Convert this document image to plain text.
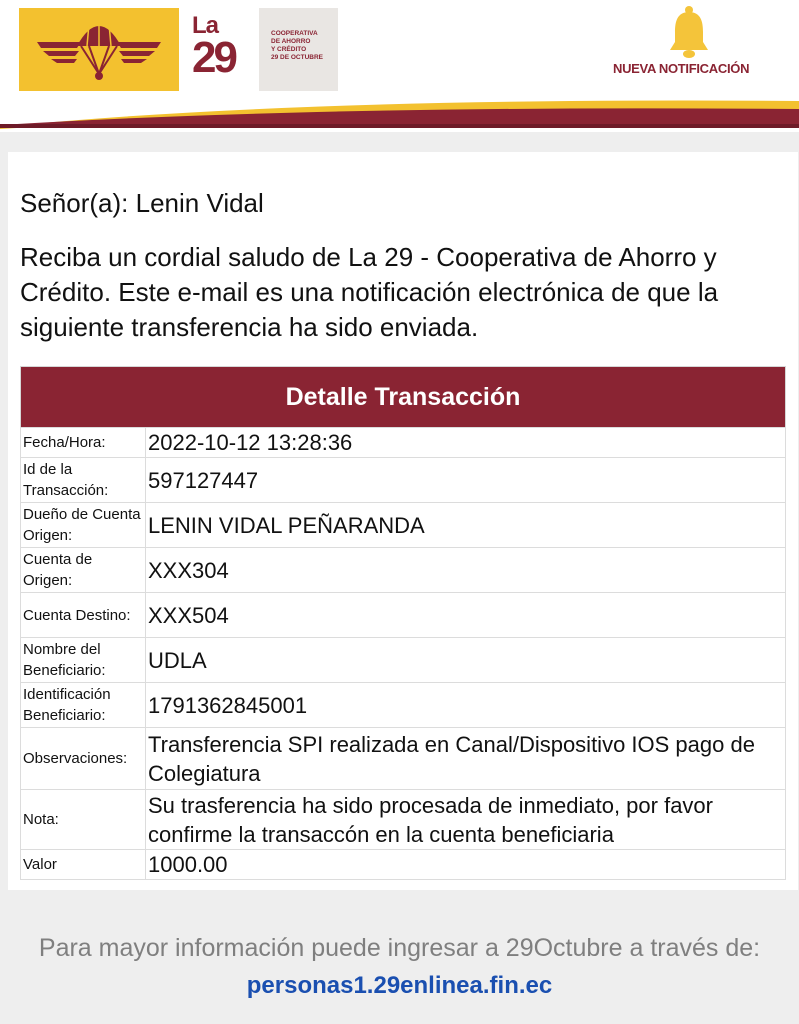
La
29	COOPERATIVA
DE AHORRO
Y CRÉDITO
29 DE OCTUBRE
NUEVA NOTIFICACIÓN
Señor(a): Lenin Vidal
Reciba un cordial saludo de La 29 - Cooperativa de Ahorro y Crédito. Este e-mail es una notificación electrónica de que la siguiente transferencia ha sido enviada.
Detalle Transacción	
Fecha/Hora:	2022-10-12 13:28:36
Id de la Transacción:	597127447
Dueño de Cuenta Origen:	LENIN VIDAL PEÑARANDA
Cuenta de Origen:	XXX304
Cuenta Destino:	XXX504
Nombre del Beneficiario:	UDLA
Identificación Beneficiario:	1791362845001
Observaciones:	Transferencia SPI realizada en Canal/Dispositivo IOS pago de Colegiatura
Nota:	Su trasferencia ha sido procesada de inmediato, por favor confirme la transaccón en la cuenta beneficiaria
Valor	1000.00
Para mayor información puede ingresar a 29Octubre a través de:
personas1.29enlinea.fin.ec
